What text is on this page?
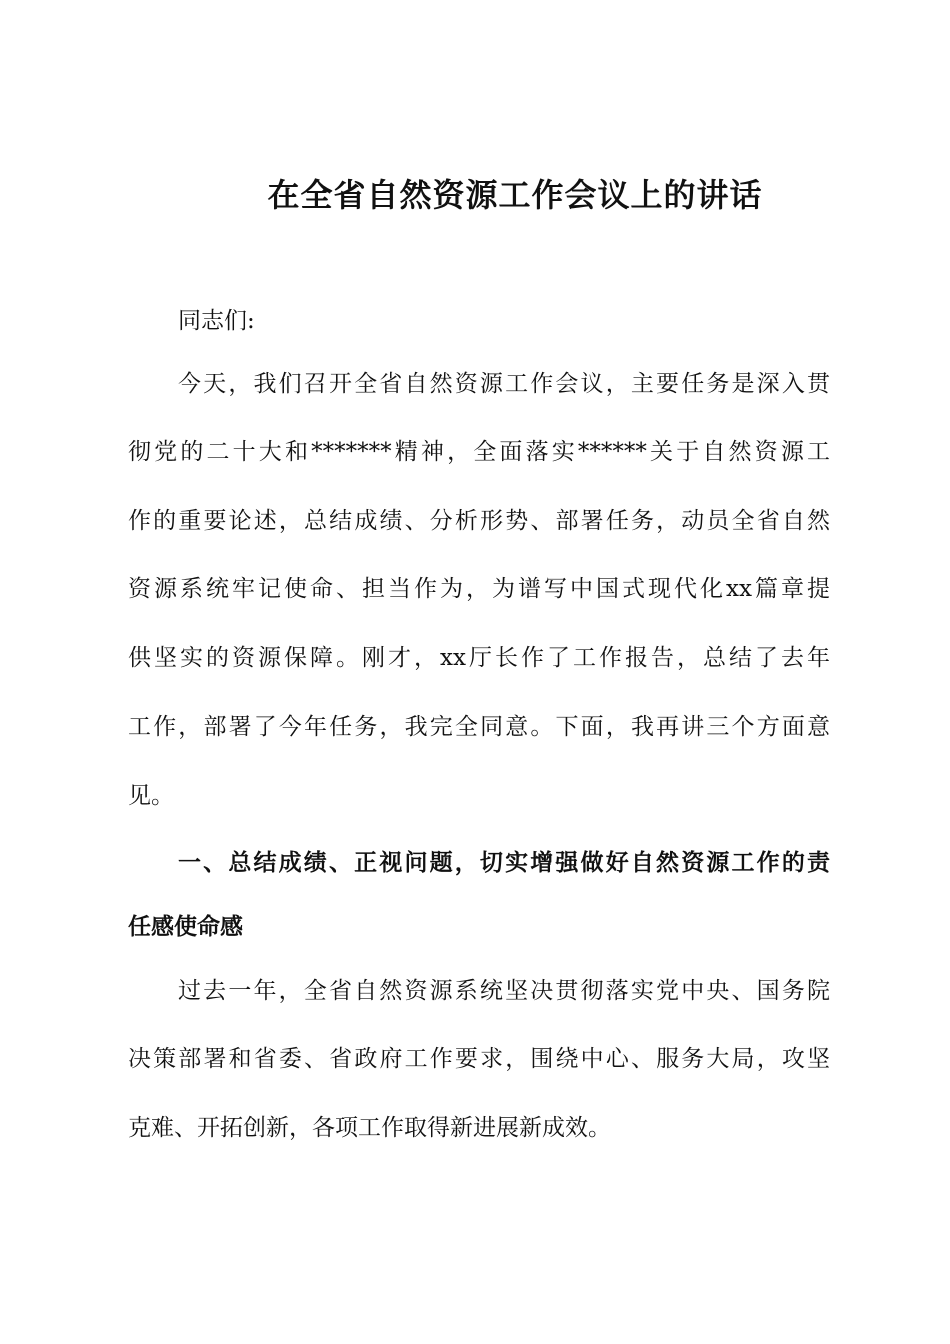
在全省自然资源工作会议上的讲话
同志们:
今天，我们召开全省自然资源工作会议，主要任务是深入贯
彻党的二十大和*******精神，全面落实******关于自然资源工
作的重要论述，总结成绩、分析形势、部署任务，动员全省自然
资源系统牢记使命、担当作为，为谱写中国式现代化xx篇章提
供坚实的资源保障。刚才，xx厅长作了工作报告，总结了去年
工作，部署了今年任务，我完全同意。下面，我再讲三个方面意
见。
一、总结成绩、正视问题，切实增强做好自然资源工作的责
任感使命感
过去一年，全省自然资源系统坚决贯彻落实党中央、国务院
决策部署和省委、省政府工作要求，围绕中心、服务大局，攻坚
克难、开拓创新，各项工作取得新进展新成效。
